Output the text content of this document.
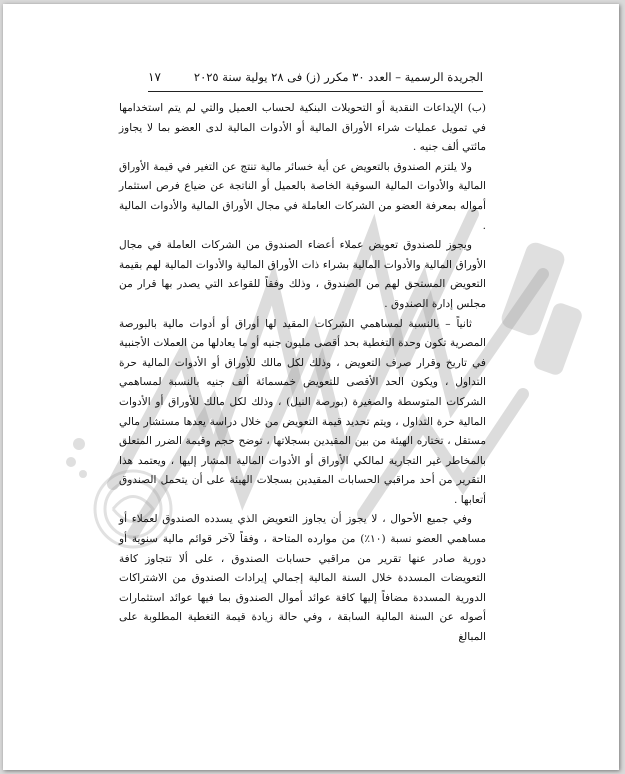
الجريدة الرسمية – العدد ٣٠ مكرر (ز) فى ٢٨ يولية سنة ٢٠٢٥
١٧

(ب) الإيداعات النقدية أو التحويلات البنكية لحساب العميل والتي لم يتم استخدامها في تمويل عمليات شراء الأوراق المالية أو الأدوات المالية لدى العضو بما لا يجاوز مائتي ألف جنيه .

ولا يلتزم الصندوق بالتعويض عن أية خسائر مالية تنتج عن التغير في قيمة الأوراق المالية والأدوات المالية السوقية الخاصة بالعميل أو الناتجة عن ضياع فرص استثمار أمواله بمعرفة العضو من الشركات العاملة في مجال الأوراق المالية والأدوات المالية .

ويجوز للصندوق تعويض عملاء أعضاء الصندوق من الشركات العاملة في مجال الأوراق المالية والأدوات المالية بشراء ذات الأوراق المالية والأدوات المالية لهم بقيمة التعويض المستحق لهم من الصندوق ، وذلك وفقاً للقواعد التي يصدر بها قرار من مجلس إدارة الصندوق .

ثانياً – بالنسبة لمساهمي الشركات المقيد لها أوراق أو أدوات مالية بالبورصة المصرية تكون وحدة التغطية بحد أقصى مليون جنيه أو ما يعادلها من العملات الأجنبية في تاريخ وقرار صرف التعويض ، وذلك لكل مالك للأوراق أو الأدوات المالية حرة التداول ، ويكون الحد الأقصى للتعويض خمسمائة ألف جنيه بالنسبة لمساهمي الشركات المتوسطة والصغيرة (بورصة النيل) ، وذلك لكل مالك للأوراق أو الأدوات المالية حرة التداول ، ويتم تحديد قيمة التعويض من خلال دراسة يعدها مستشار مالي مستقل ، تختاره الهيئة من بين المقيدين بسجلاتها ، توضح حجم وقيمة الضرر المتعلق بالمخاطر غير التجارية لمالكي الأوراق أو الأدوات المالية المشار إليها ، ويعتمد هذا التقرير من أحد مراقبي الحسابات المقيدين بسجلات الهيئة على أن يتحمل الصندوق أتعابها .

وفي جميع الأحوال ، لا يجوز أن يجاوز التعويض الذي يسدده الصندوق لعملاء أو مساهمي العضو نسبة (١٠٪) من موارده المتاحة ، وفقاً لآخر قوائم مالية سنوية أو دورية صادر عنها تقرير من مراقبي حسابات الصندوق ، على ألا تتجاوز كافة التعويضات المسددة خلال السنة المالية إجمالي إيرادات الصندوق من الاشتراكات الدورية المسددة مضافاً إليها كافة عوائد أموال الصندوق بما فيها عوائد استثمارات أصوله عن السنة المالية السابقة ، وفي حالة زيادة قيمة التغطية المطلوبة على المبالغ
